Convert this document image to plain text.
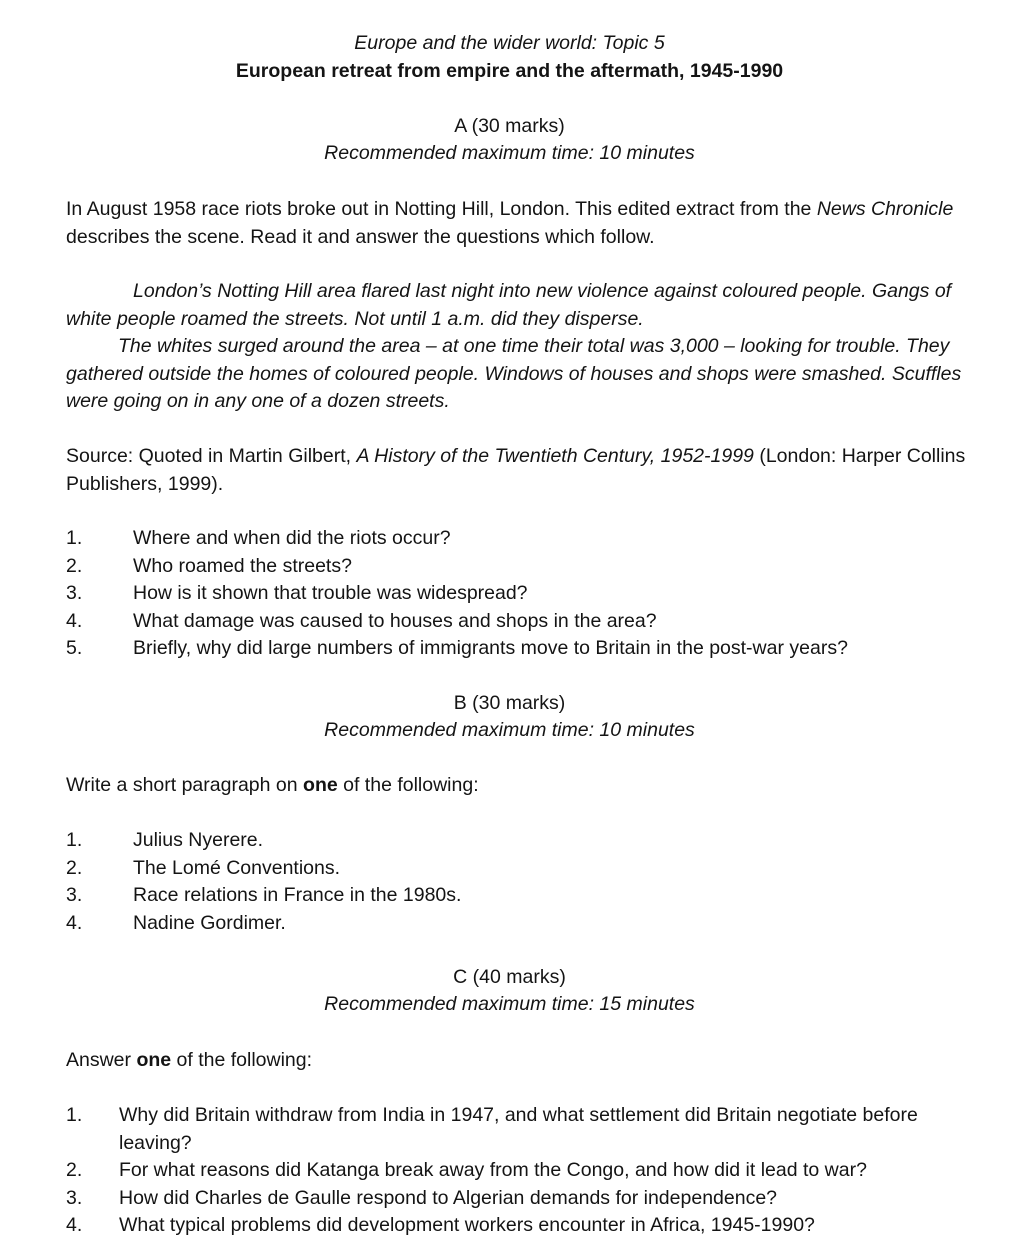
Europe and the wider world: Topic 5
European retreat from empire and the aftermath, 1945-1990
A (30 marks)
Recommended maximum time: 10 minutes
In August 1958 race riots broke out in Notting Hill, London. This edited extract from the News Chronicle describes the scene. Read it and answer the questions which follow.
London’s Notting Hill area flared last night into new violence against coloured people. Gangs of white people roamed the streets. Not until 1 a.m. did they disperse.
The whites surged around the area – at one time their total was 3,000 – looking for trouble. They gathered outside the homes of coloured people. Windows of houses and shops were smashed. Scuffles were going on in any one of a dozen streets.
Source: Quoted in Martin Gilbert, A History of the Twentieth Century, 1952-1999 (London: Harper Collins Publishers, 1999).
1.	Where and when did the riots occur?
2.	Who roamed the streets?
3.	How is it shown that trouble was widespread?
4.	What damage was caused to houses and shops in the area?
5.	Briefly, why did large numbers of immigrants move to Britain in the post-war years?
B (30 marks)
Recommended maximum time: 10 minutes
Write a short paragraph on one of the following:
1.	Julius Nyerere.
2.	The Lomé Conventions.
3.	Race relations in France in the 1980s.
4.	Nadine Gordimer.
C (40 marks)
Recommended maximum time: 15 minutes
Answer one of the following:
1. Why did Britain withdraw from India in 1947, and what settlement did Britain negotiate before leaving?
2. For what reasons did Katanga break away from the Congo, and how did it lead to war?
3. How did Charles de Gaulle respond to Algerian demands for independence?
4. What typical problems did development workers encounter in Africa, 1945-1990?
